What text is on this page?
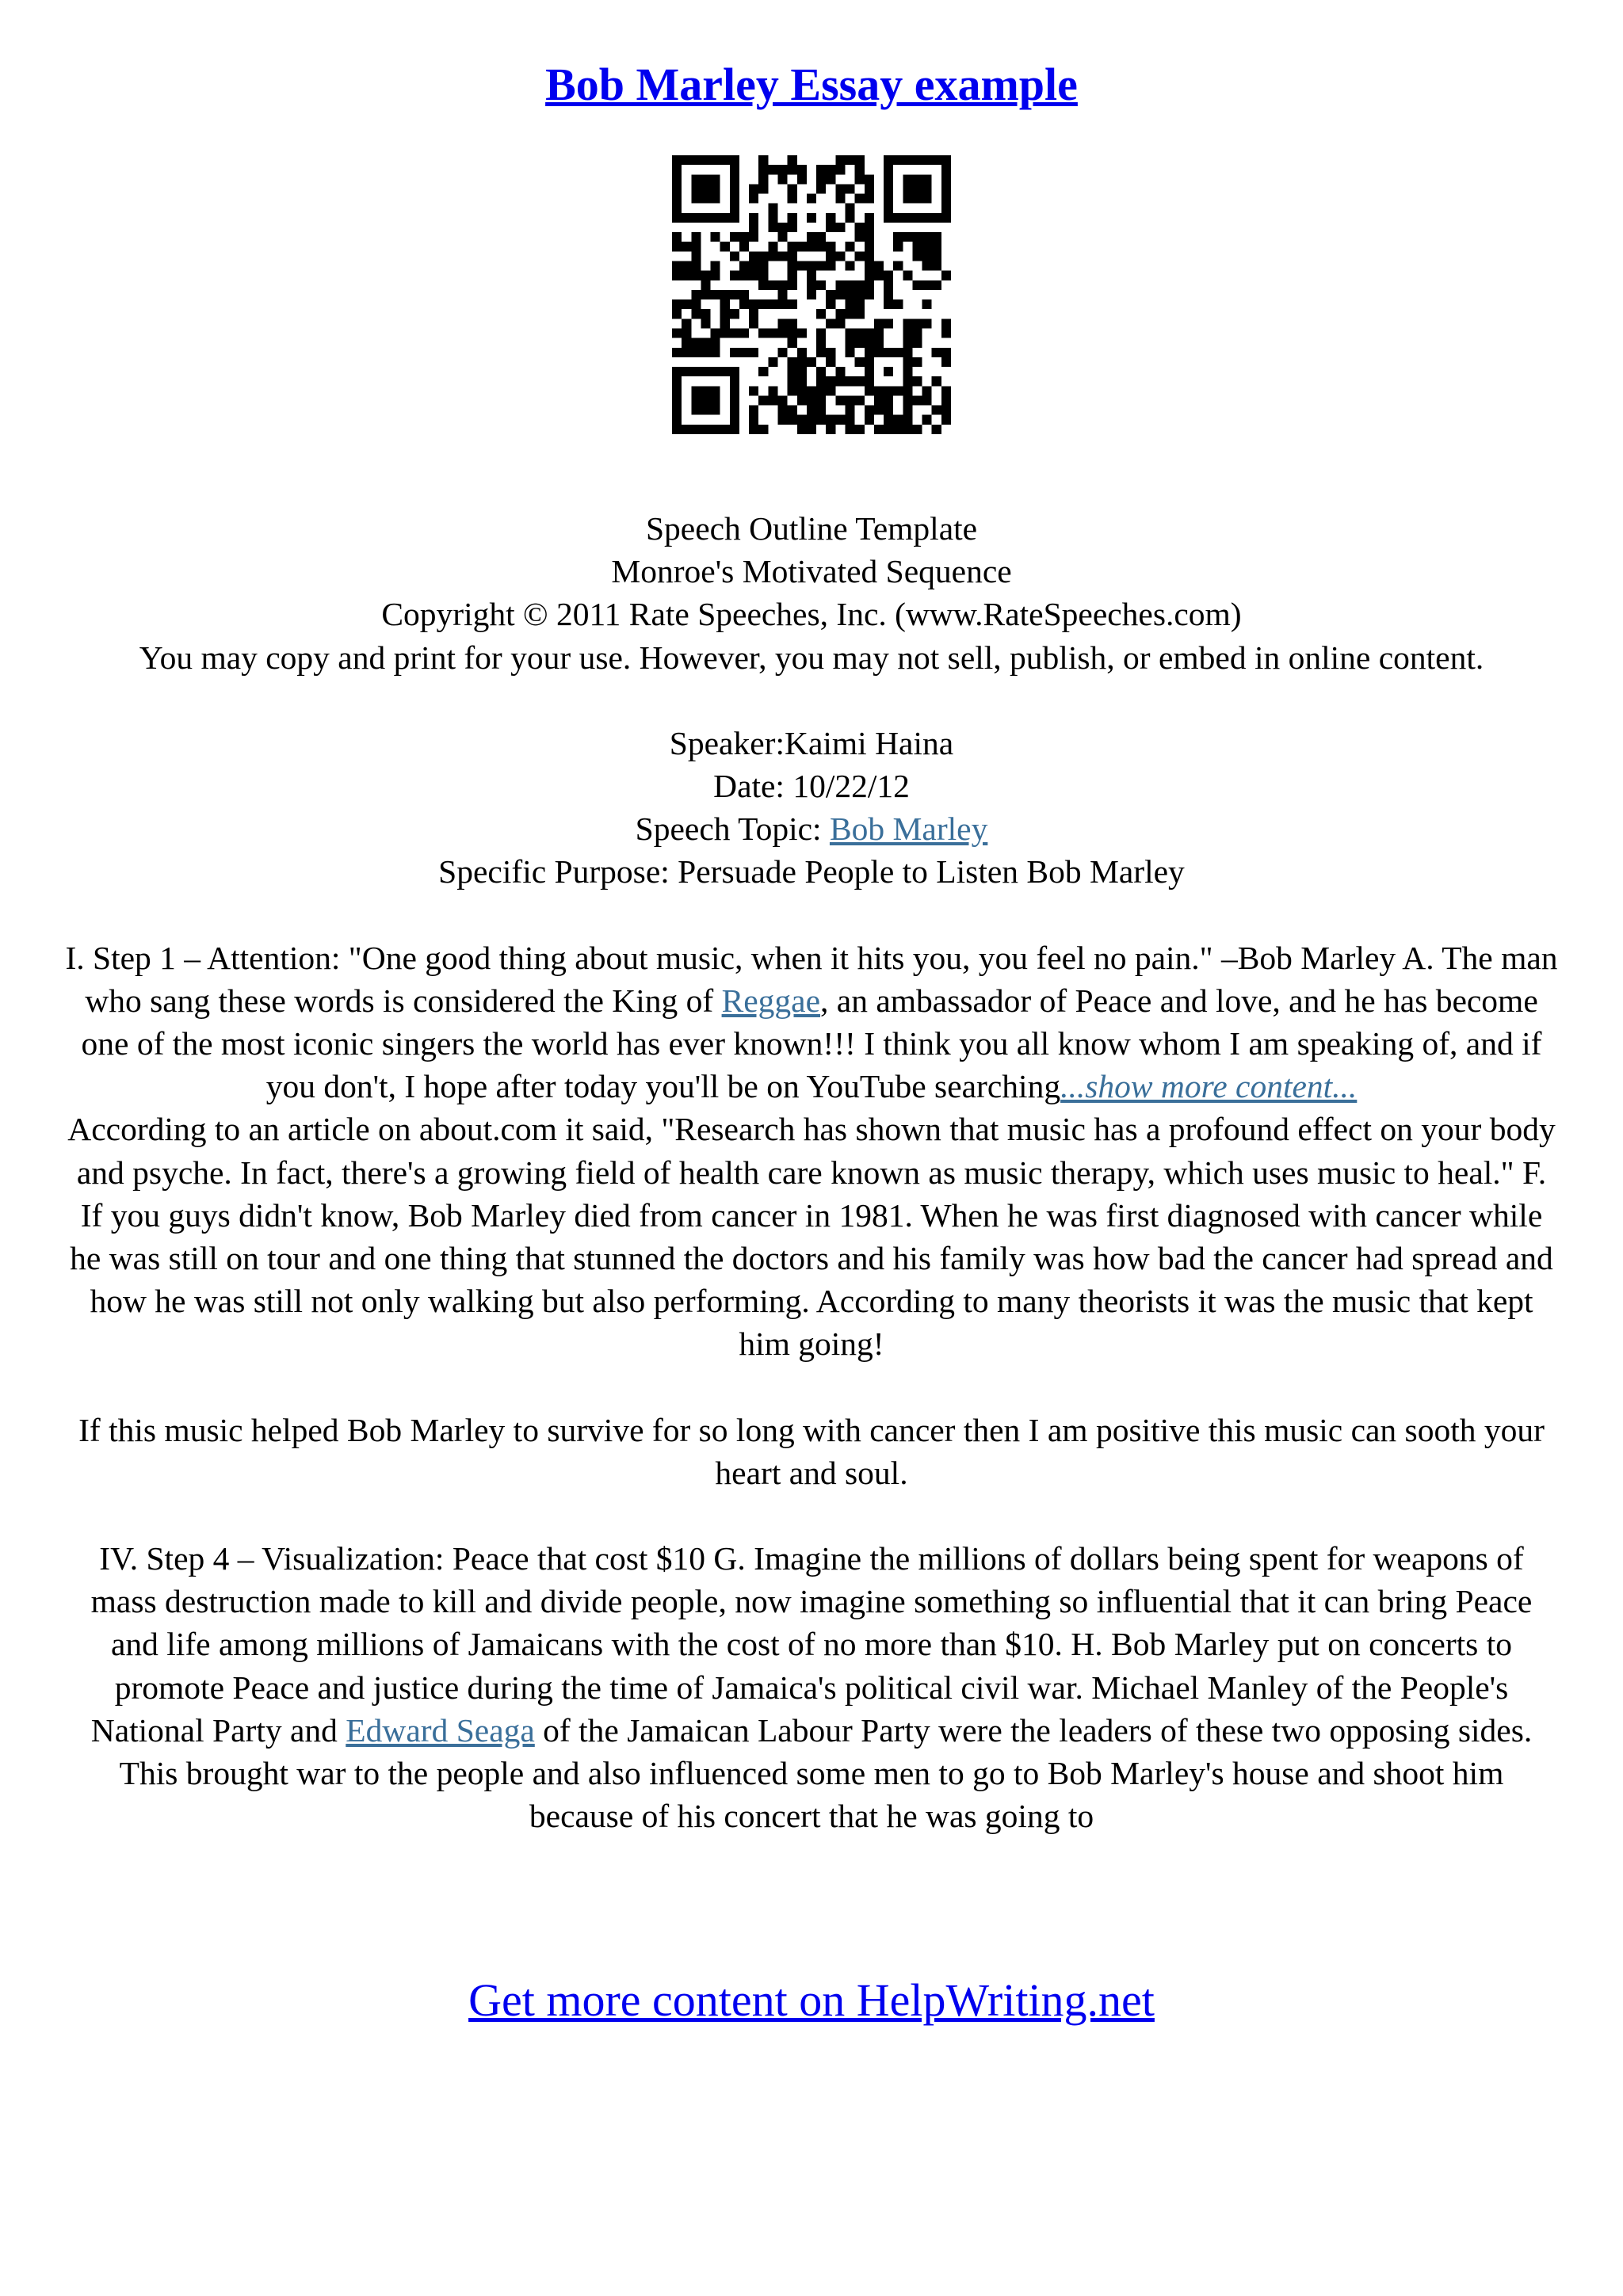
Bob Marley Essay example

Speech Outline Template

Monroe's Motivated Sequence

Copyright © 2011 Rate Speeches, Inc. (www.RateSpeeches.com)

You may copy and print for your use. However, you may not sell, publish, or embed in online content.

Speaker:Kaimi Haina

Date: 10/22/12

Speech Topic: Bob Marley

Specific Purpose: Persuade People to Listen Bob Marley

I. Step 1 – Attention: "One good thing about music, when it hits you, you feel no pain." –Bob Marley A. The man who sang these words is considered the King of Reggae, an ambassador of Peace and love, and he has become one of the most iconic singers the world has ever known!!! I think you all know whom I am speaking of, and if you don't, I hope after today you'll be on YouTube searching...show more content...

According to an article on about.com it said, "Research has shown that music has a profound effect on your body and psyche. In fact, there's a growing field of health care known as music therapy, which uses music to heal." F. If you guys didn't know, Bob Marley died from cancer in 1981. When he was first diagnosed with cancer while he was still on tour and one thing that stunned the doctors and his family was how bad the cancer had spread and how he was still not only walking but also performing. According to many theorists it was the music that kept him going!

If this music helped Bob Marley to survive for so long with cancer then I am positive this music can sooth your heart and soul.

IV. Step 4 – Visualization: Peace that cost $10 G. Imagine the millions of dollars being spent for weapons of mass destruction made to kill and divide people, now imagine something so influential that it can bring Peace and life among millions of Jamaicans with the cost of no more than $10. H. Bob Marley put on concerts to promote Peace and justice during the time of Jamaica's political civil war. Michael Manley of the People's National Party and Edward Seaga of the Jamaican Labour Party were the leaders of these two opposing sides. This brought war to the people and also influenced some men to go to Bob Marley's house and shoot him because of his concert that he was going to

Get more content on HelpWriting.net
